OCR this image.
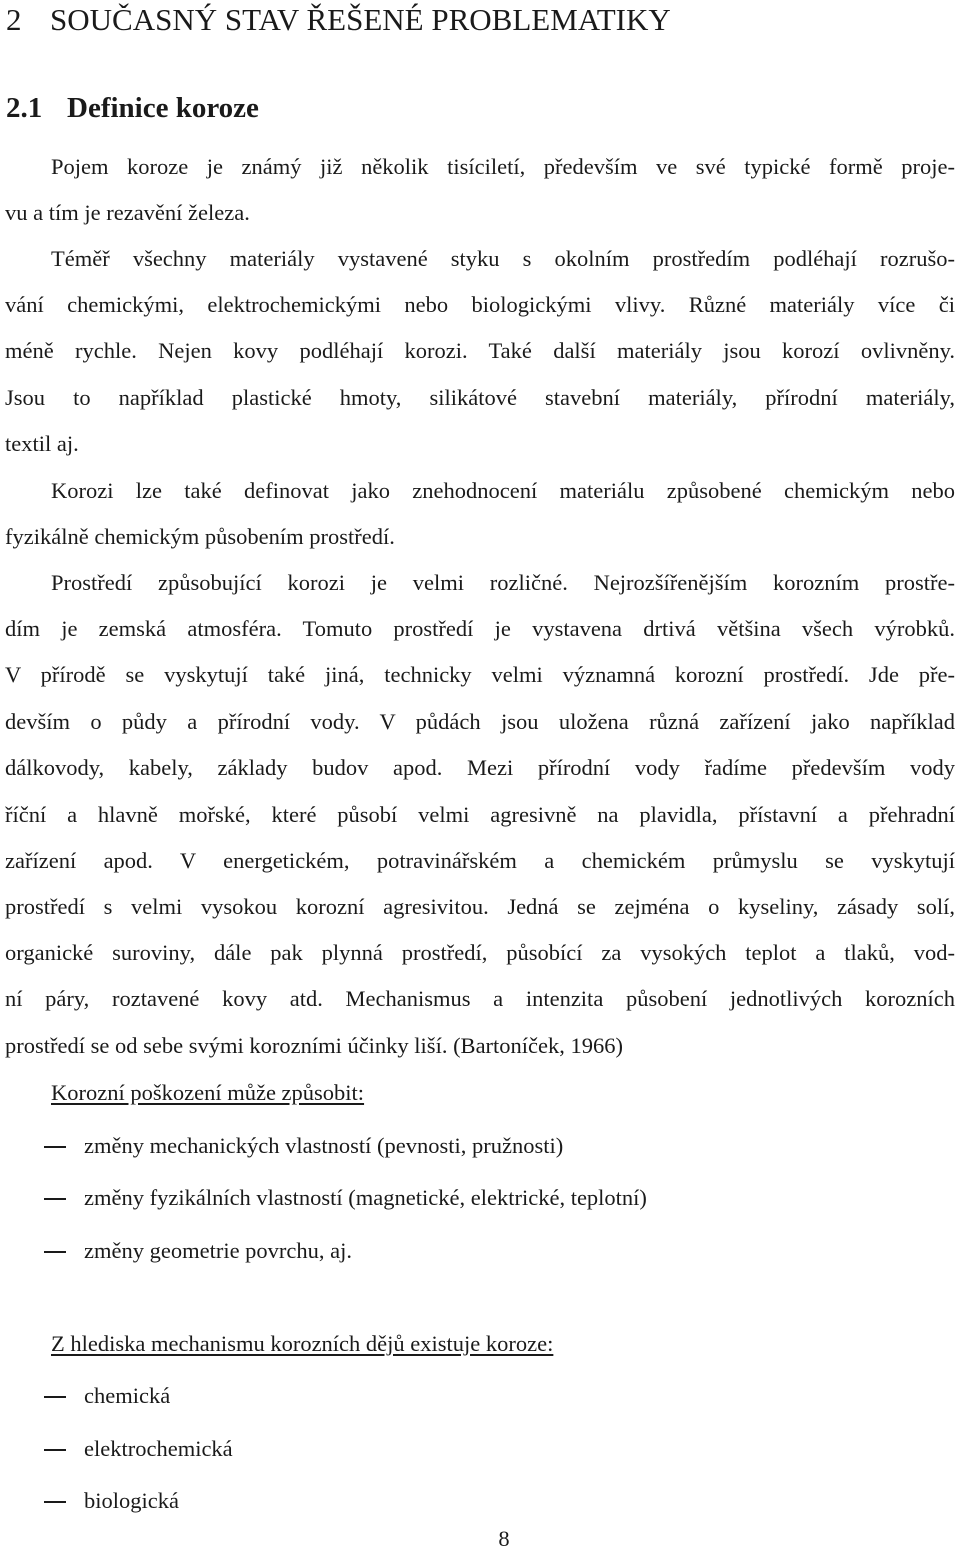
2 SOUČASNÝ STAV ŘEŠENÉ PROBLEMATIKY
2.1 Definice koroze
Pojem koroze je známý již několik tisíciletí, především ve své typické formě proje-
vu a tím je rezavění železa.
Téměř všechny materiály vystavené styku s okolním prostředím podléhají rozrušo-
vání chemickými, elektrochemickými nebo biologickými vlivy. Různé materiály více či
méně rychle. Nejen kovy podléhají korozi. Také další materiály jsou korozí ovlivněny.
Jsou to například plastické hmoty, silikátové stavební materiály, přírodní materiály,
textil aj.
Korozi lze také definovat jako znehodnocení materiálu způsobené chemickým nebo
fyzikálně chemickým působením prostředí.
Prostředí způsobující korozi je velmi rozličné. Nejrozšířenějším korozním prostře-
dím je zemská atmosféra. Tomuto prostředí je vystavena drtivá většina všech výrobků.
V přírodě se vyskytují také jiná, technicky velmi významná korozní prostředí. Jde pře-
devším o půdy a přírodní vody. V půdách jsou uložena různá zařízení jako například
dálkovody, kabely, základy budov apod. Mezi přírodní vody řadíme především vody
říční a hlavně mořské, které působí velmi agresivně na plavidla, přístavní a přehradní
zařízení apod. V energetickém, potravinářském a chemickém průmyslu se vyskytují
prostředí s velmi vysokou korozní agresivitou. Jedná se zejména o kyseliny, zásady solí,
organické suroviny, dále pak plynná prostředí, působící za vysokých teplot a tlaků, vod-
ní páry, roztavené kovy atd. Mechanismus a intenzita působení jednotlivých korozních
prostředí se od sebe svými korozními účinky liší. (Bartoníček, 1966)
Korozní poškození může způsobit:
změny mechanických vlastností (pevnosti, pružnosti)
změny fyzikálních vlastností (magnetické, elektrické, teplotní)
změny geometrie povrchu, aj.
Z hlediska mechanismu korozních dějů existuje koroze:
chemická
elektrochemická
biologická
8
